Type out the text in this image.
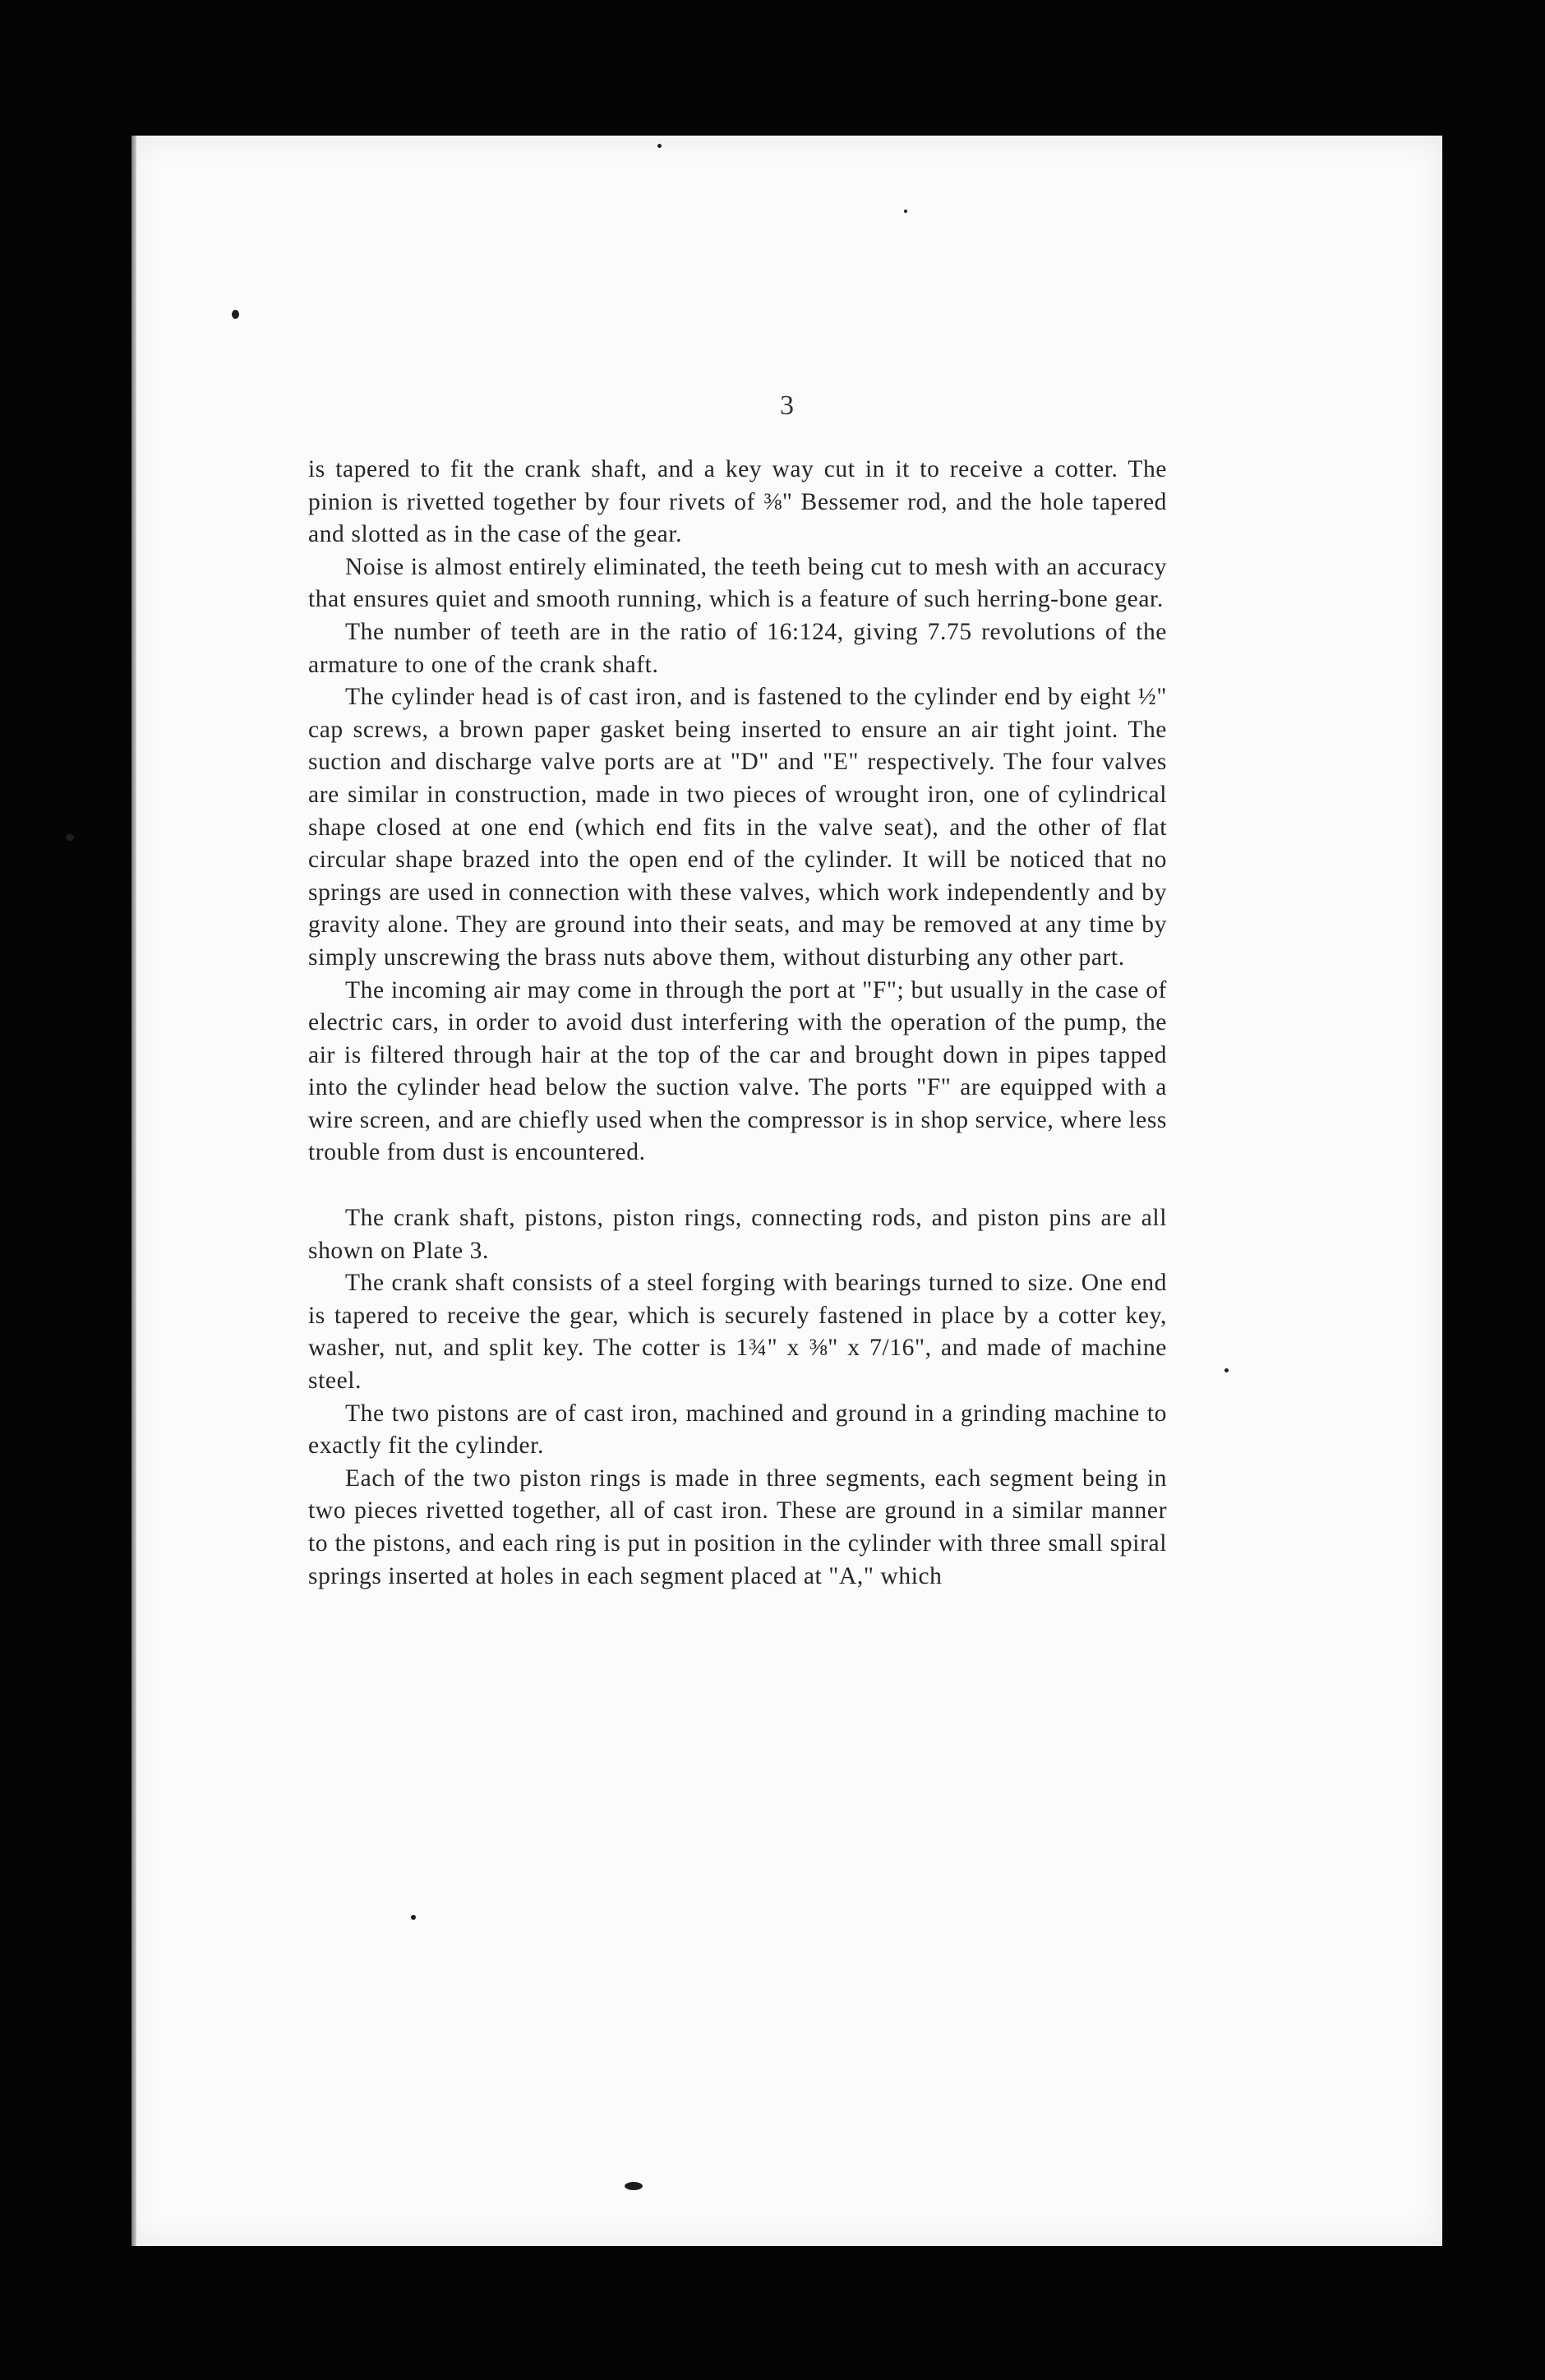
3

is tapered to fit the crank shaft, and a key way cut in it to receive a cotter. The pinion is rivetted together by four rivets of ⅜" Bessemer rod, and the hole tapered and slotted as in the case of the gear.

Noise is almost entirely eliminated, the teeth being cut to mesh with an accuracy that ensures quiet and smooth running, which is a feature of such herring-bone gear.

The number of teeth are in the ratio of 16:124, giving 7.75 revolutions of the armature to one of the crank shaft.

The cylinder head is of cast iron, and is fastened to the cylinder end by eight ½" cap screws, a brown paper gasket being inserted to ensure an air tight joint. The suction and discharge valve ports are at "D" and "E" respectively. The four valves are similar in construction, made in two pieces of wrought iron, one of cylindrical shape closed at one end (which end fits in the valve seat), and the other of flat circular shape brazed into the open end of the cylinder. It will be noticed that no springs are used in connection with these valves, which work independently and by gravity alone. They are ground into their seats, and may be removed at any time by simply unscrewing the brass nuts above them, without disturbing any other part.

The incoming air may come in through the port at "F"; but usually in the case of electric cars, in order to avoid dust interfering with the operation of the pump, the air is filtered through hair at the top of the car and brought down in pipes tapped into the cylinder head below the suction valve. The ports "F" are equipped with a wire screen, and are chiefly used when the compressor is in shop service, where less trouble from dust is encountered.

The crank shaft, pistons, piston rings, connecting rods, and piston pins are all shown on Plate 3.

The crank shaft consists of a steel forging with bearings turned to size. One end is tapered to receive the gear, which is securely fastened in place by a cotter key, washer, nut, and split key. The cotter is 1¾" x ⅜" x 7/16", and made of machine steel.

The two pistons are of cast iron, machined and ground in a grinding machine to exactly fit the cylinder.

Each of the two piston rings is made in three segments, each segment being in two pieces rivetted together, all of cast iron. These are ground in a similar manner to the pistons, and each ring is put in position in the cylinder with three small spiral springs inserted at holes in each segment placed at "A," which
